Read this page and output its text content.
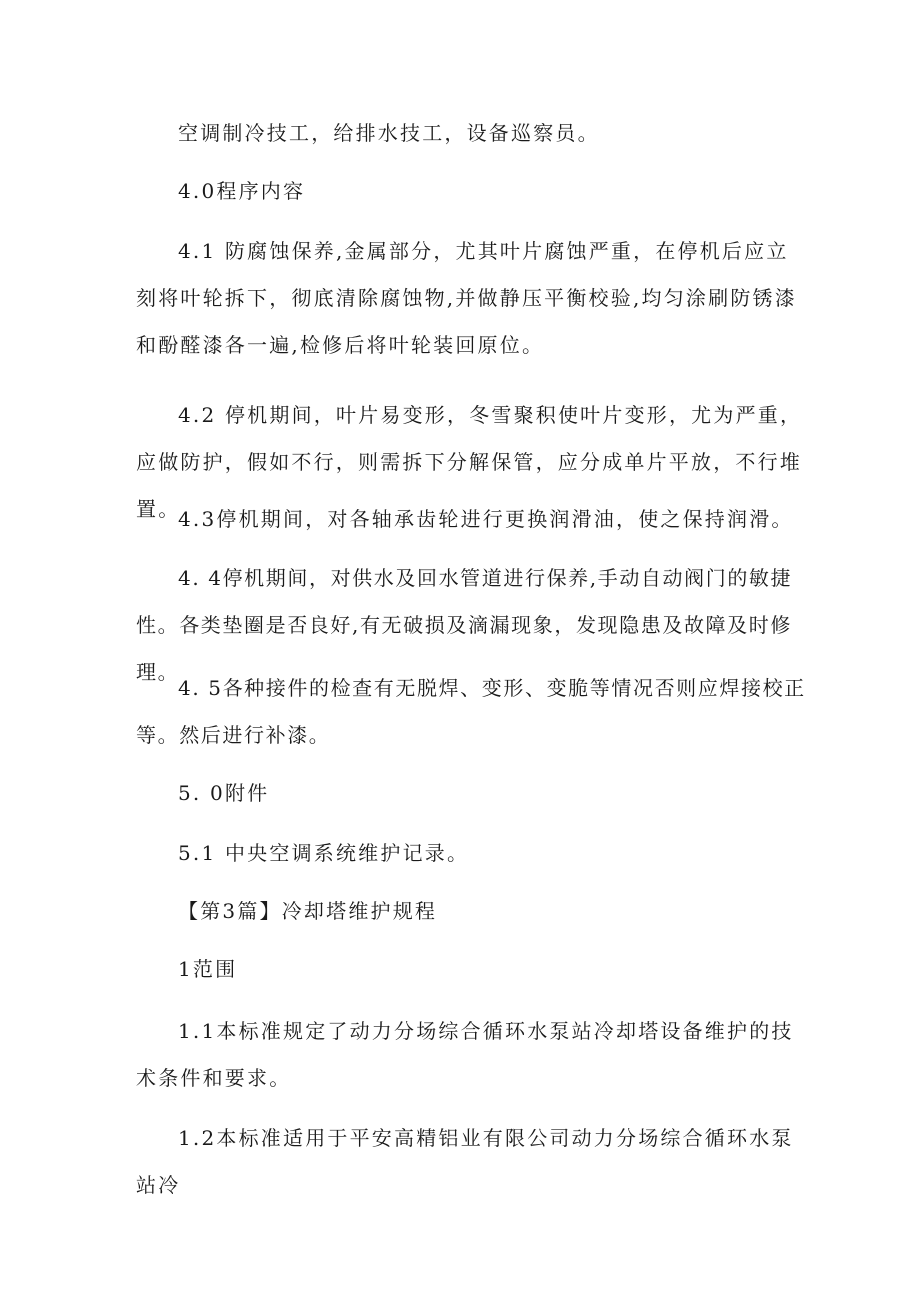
空调制冷技工，给排水技工，设备巡察员。

4.0程序内容

4.1 防腐蚀保养,金属部分，尤其叶片腐蚀严重，在停机后应立刻将叶轮拆下，彻底清除腐蚀物,并做静压平衡校验,均匀涂刷防锈漆和酚醛漆各一遍,检修后将叶轮装回原位。

4.2 停机期间，叶片易变形，冬雪聚积使叶片变形，尤为严重，应做防护，假如不行，则需拆下分解保管，应分成单片平放，不行堆置。

4.3停机期间，对各轴承齿轮进行更换润滑油，使之保持润滑。

4. 4停机期间，对供水及回水管道进行保养,手动自动阀门的敏捷性。各类垫圈是否良好,有无破损及滴漏现象，发现隐患及故障及时修理。

4. 5各种接件的检查有无脱焊、变形、变脆等情况否则应焊接校正等。然后进行补漆。

5. 0附件

5.1 中央空调系统维护记录。

【第3篇】冷却塔维护规程

1范围

1.1本标准规定了动力分场综合循环水泵站冷却塔设备维护的技术条件和要求。

1.2本标准适用于平安高精铝业有限公司动力分场综合循环水泵站冷
